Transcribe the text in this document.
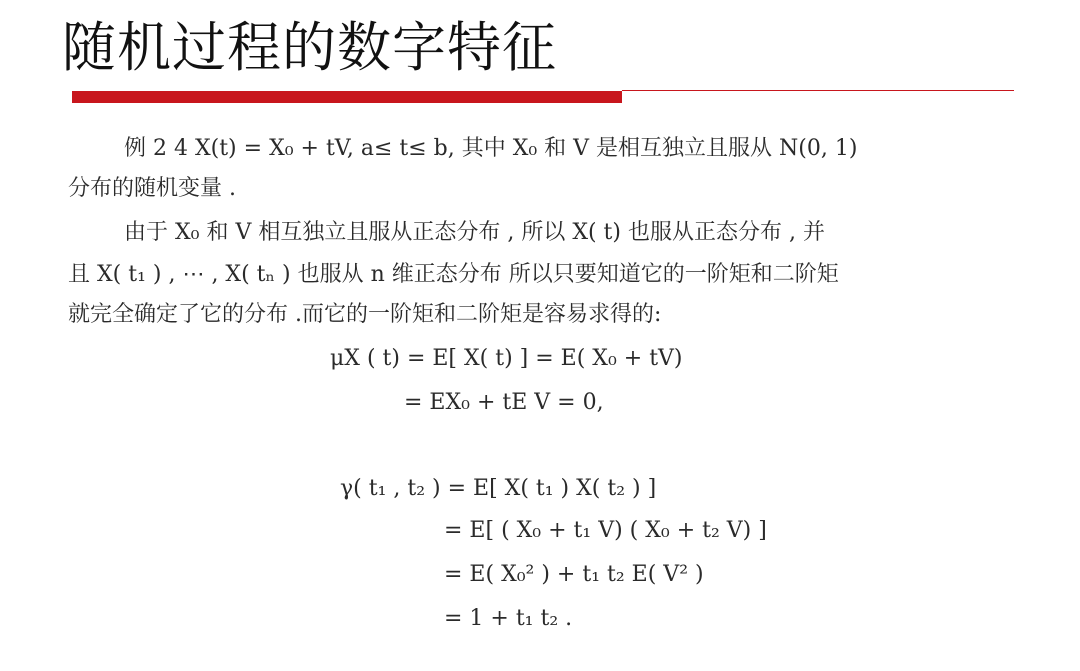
随机过程的数字特征
例 2 4 X(t) = X₀ + tV, a≤ t≤ b, 其中 X₀ 和 V 是相互独立且服从 N(0, 1)
分布的随机变量 .
由于 X₀ 和 V 相互独立且服从正态分布 , 所以 X( t) 也服从正态分布 , 并
且 X( t₁ ) , ⋯ , X( tₙ ) 也服从 n 维正态分布 所以只要知道它的一阶矩和二阶矩
就完全确定了它的分布 .而它的一阶矩和二阶矩是容易求得的:
μX ( t) = E[ X( t) ] = E( X₀ + tV)
= EX₀ + tE V = 0,
γ( t₁ , t₂ ) = E[ X( t₁ ) X( t₂ ) ]
= E[ ( X₀ + t₁ V) ( X₀ + t₂ V) ]
= E( X₀² ) + t₁ t₂ E( V² )
= 1 + t₁ t₂ .
